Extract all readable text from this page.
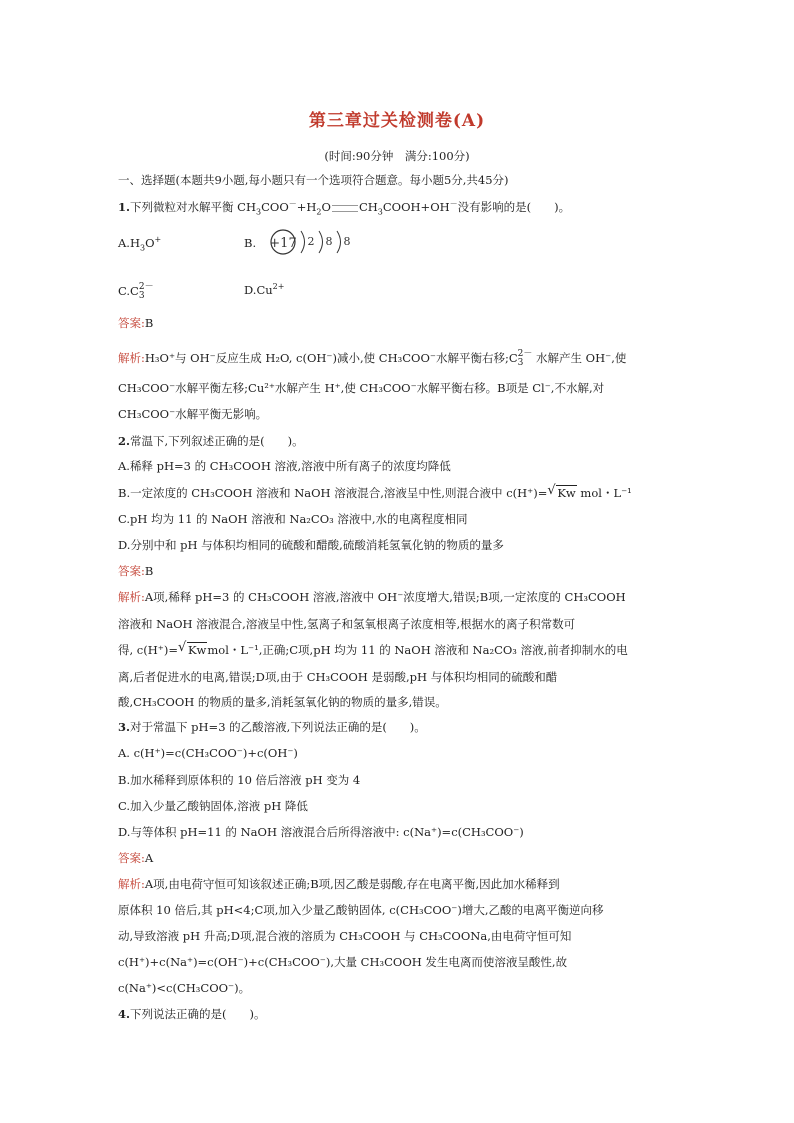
第三章过关检测卷(A)
(时间:90分钟　满分:100分)
一、选择题(本题共9小题,每小题只有一个选项符合题意。每小题5分,共45分)
1.下列微粒对水解平衡 $CH_3COO^-+H_2O$ $CH_3COOH+OH^-$没有影响的是(　　)。
$A.H_3O^+$	B. +17 2 8 8
C.C2－
3	$D.Cu^{2+}$
答案:B
解析:H₃O⁺与 OH⁻反应生成 H₂O, c(OH⁻)减小,使 CH₃COO⁻水解平衡右移;C2－
3 水解产生 OH⁻,使
CH₃COO⁻水解平衡左移;Cu²⁺水解产生 H⁺,使 CH₃COO⁻水解平衡右移。B项是 Cl⁻,不水解,对
CH₃COO⁻水解平衡无影响。
2.常温下,下列叙述正确的是(　　)。
A.稀释 pH=3 的 CH₃COOH 溶液,溶液中所有离子的浓度均降低
B.一定浓度的 CH₃COOH 溶液和 NaOH 溶液混合,溶液呈中性,则混合液中 c(H⁺)= √ Kw mol・L⁻¹
C.pH 均为 11 的 NaOH 溶液和 Na₂CO₃ 溶液中,水的电离程度相同
D.分别中和 pH 与体积均相同的硫酸和醋酸,硫酸消耗氢氧化钠的物质的量多
答案:B
解析:A项,稀释 pH=3 的 CH₃COOH 溶液,溶液中 OH⁻浓度增大,错误;B项,一定浓度的 CH₃COOH
溶液和 NaOH 溶液混合,溶液呈中性,氢离子和氢氧根离子浓度相等,根据水的离子积常数可
得, c(H⁺)= √ Kwmol・L⁻¹,正确;C项,pH 均为 11 的 NaOH 溶液和 Na₂CO₃ 溶液,前者抑制水的电
离,后者促进水的电离,错误;D项,由于 CH₃COOH 是弱酸,pH 与体积均相同的硫酸和醋
酸,CH₃COOH 的物质的量多,消耗氢氧化钠的物质的量多,错误。
3.对于常温下 pH=3 的乙酸溶液,下列说法正确的是(　　)。
A. c(H⁺)=c(CH₃COO⁻)+c(OH⁻)
B.加水稀释到原体积的 10 倍后溶液 pH 变为 4
C.加入少量乙酸钠固体,溶液 pH 降低
D.与等体积 pH=11 的 NaOH 溶液混合后所得溶液中: c(Na⁺)=c(CH₃COO⁻)
答案:A
解析:A项,由电荷守恒可知该叙述正确;B项,因乙酸是弱酸,存在电离平衡,因此加水稀释到
原体积 10 倍后,其 pH<4;C项,加入少量乙酸钠固体, c(CH₃COO⁻)增大,乙酸的电离平衡逆向移
动,导致溶液 pH 升高;D项,混合液的溶质为 CH₃COOH 与 CH₃COONa,由电荷守恒可知
c(H⁺)+c(Na⁺)=c(OH⁻)+c(CH₃COO⁻),大量 CH₃COOH 发生电离而使溶液呈酸性,故
c(Na⁺)<c(CH₃COO⁻)。
4.下列说法正确的是(　　)。
